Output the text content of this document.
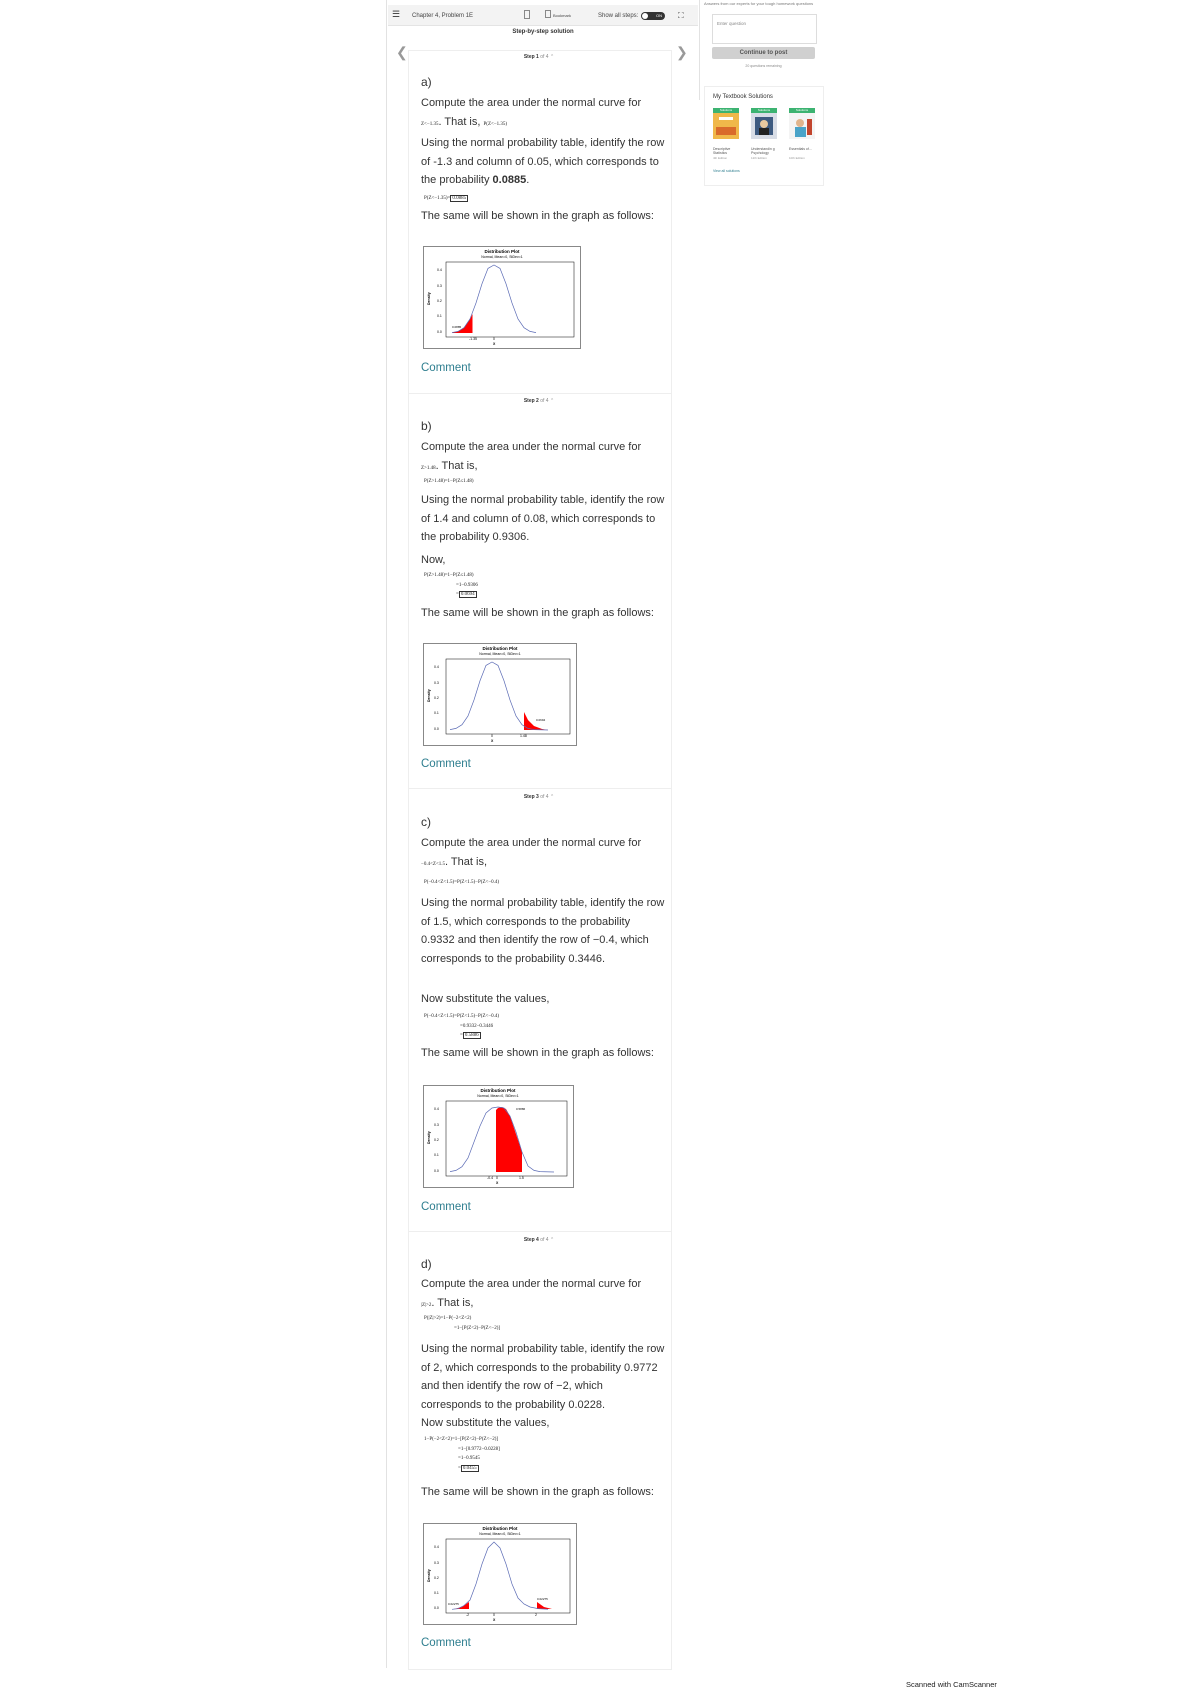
☰ Chapter 4, Problem 1E	Bookmark	Show all steps:	ON ⛶
Step-by-step solution
❮	❯
Step 1 of 4 ⌃
a)
Compute the area under the normal curve for
Z<−1.35. That is, P(Z<−1.35)
Using the normal probability table, identify the row of -1.3 and column of 0.05, which corresponds to the probability 0.0885.
P(Z<−1.35)= 0.0885
The same will be shown in the graph as follows:
Distribution Plot
Normal, Mean=0, StDev=1
0.4
0.3
0.2
0.1
0.0
Density
0.0885
-1.35	0
X
Comment
Step 2 of 4 ⌃
b)
Compute the area under the normal curve for
Z>1.48. That is,
P(Z>1.48)=1−P(Z≤1.48)
Using the normal probability table, identify the row of 1.4 and column of 0.08, which corresponds to the probability 0.9306.
Now,
P(Z>1.48)=1−P(Z≤1.48)
=1−0.9306
= 0.0694
The same will be shown in the graph as follows:
Distribution Plot
Normal, Mean=0, StDev=1
0.4
0.3
0.2
0.1
0.0
Density
0.0694
0	1.48
X
Comment
Step 3 of 4 ⌃
c)
Compute the area under the normal curve for
−0.4<Z<1.5. That is,
P(−0.4<Z<1.5)=P(Z<1.5)−P(Z<−0.4)
Using the normal probability table, identify the row of 1.5, which corresponds to the probability 0.9332 and then identify the row of −0.4, which corresponds to the probability 0.3446.
Now substitute the values,
P(−0.4<Z<1.5)=P(Z<1.5)−P(Z<−0.4)
=0.9332−0.3446
= 0.5886
The same will be shown in the graph as follows:
Distribution Plot
Normal, Mean=0, StDev=1
0.4
0.3
0.2
0.1
0.0
Density
0.5886
-0.4 0	1.5
X
Comment
Step 4 of 4 ⌃
d)
Compute the area under the normal curve for
|Z|>2. That is,
P(|Z|>2)=1−P(−2<Z<2)
=1−[P(Z<2)−P(Z<−2)]
Using the normal probability table, identify the row of 2, which corresponds to the probability 0.9772 and then identify the row of −2, which corresponds to the probability 0.0228.
Now substitute the values,
1−P(−2<Z<2)=1−[P(Z<2)−P(Z<−2)]
=1−[0.9772−0.0228]
=1−0.9545
= 0.0455
The same will be shown in the graph as follows:
Distribution Plot
Normal, Mean=0, StDev=1
0.4
0.3
0.2
0.1
0.0
Density
0.02275
0.02275
-2	0	2
X
Comment
Answers from our experts for your tough homework questions
Enter question
Continue to post
20 questions remaining
My Textbook Solutions
Solutions	Solutions	Solutions
Descriptive Statistics
Understandin g Psychology
Essentials of...
4th Edition	12th Edition	10th Edition
View all solutions
Scanned with CamScanner
